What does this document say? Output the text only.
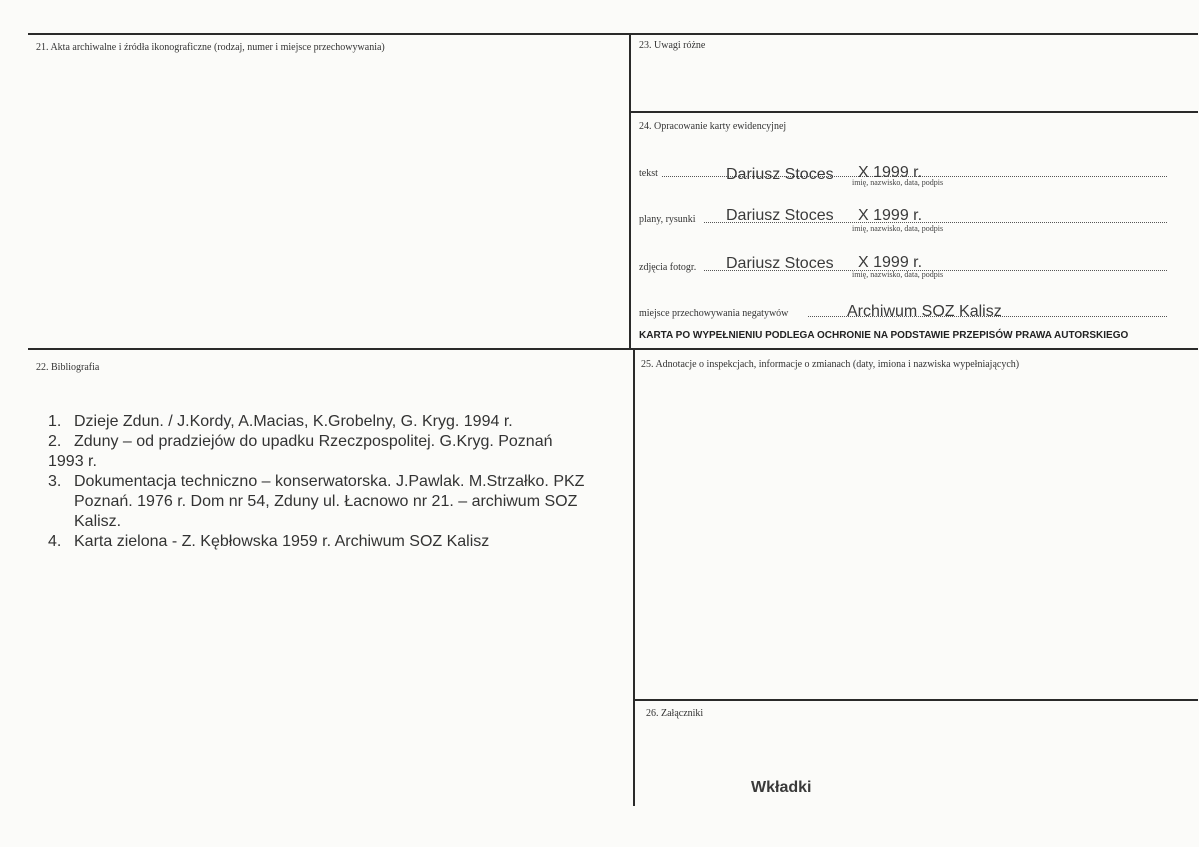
21. Akta archiwalne i źródła ikonograficzne (rodzaj, numer i miejsce przechowywania)	23. Uwagi różne
24. Opracowanie karty ewidencyjnej
tekst	Dariusz Stoces X 1999 r.
imię, nazwisko, data, podpis
plany, rysunki Dariusz Stoces X 1999 r.
imię, nazwisko, data, podpis
zdjęcia fotogr. Dariusz Stoces X 1999 r.
imię, nazwisko, data, podpis
miejsce przechowywania negatywów	Archiwum SOZ Kalisz
KARTA PO WYPEŁNIENIU PODLEGA OCHRONIE NA PODSTAWIE PRZEPISÓW PRAWA AUTORSKIEGO
22. Bibliografia
1. Dzieje Zdun. / J.Kordy, A.Macias, K.Grobelny, G. Kryg. 1994 r.
2. Zduny – od pradziejów do upadku Rzeczpospolitej. G.Kryg. Poznań
1993 r.
3. Dokumentacja techniczno – konserwatorska. J.Pawlak. M.Strzałko. PKZ
Poznań. 1976 r. Dom nr 54, Zduny ul. Łacnowo nr 21. – archiwum SOZ
Kalisz.
4. Karta zielona - Z. Kębłowska 1959 r. Archiwum SOZ Kalisz
25. Adnotacje o inspekcjach, informacje o zmianach (daty, imiona i nazwiska wypełniających)
26. Załączniki
Wkładki
